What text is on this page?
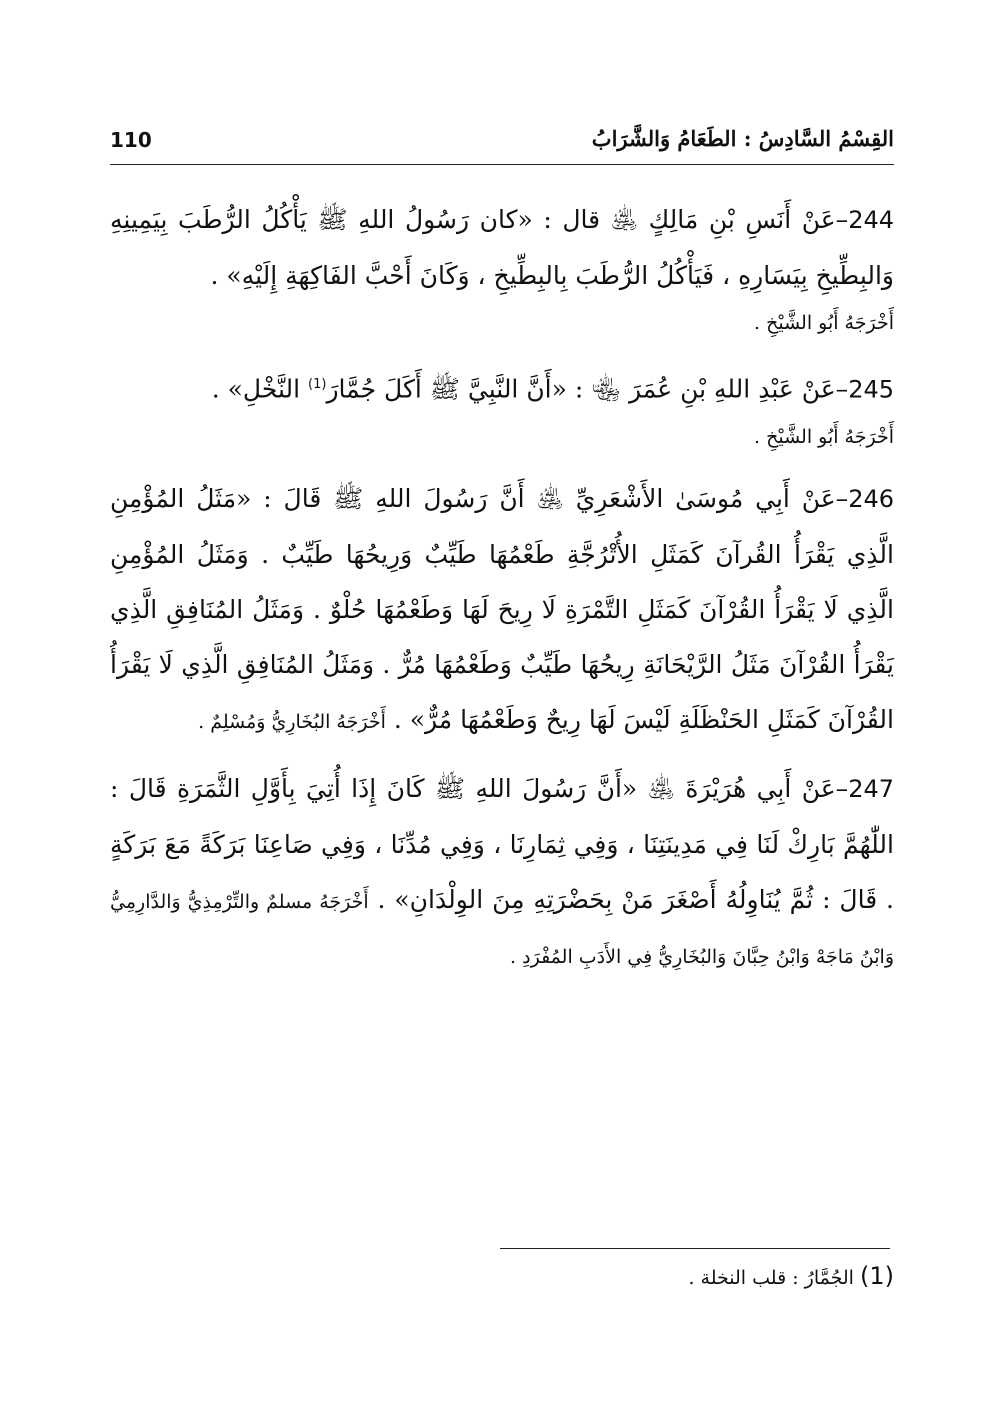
القِسْمُ السَّادِسُ : الطَعَامُ وَالشَّرَابُ
110

244–عَنْ أَنَسِ بْنِ مَالِكٍ ﵁ قال : «كان رَسُولُ اللهِ ﷺ يَأْكُلُ الرُّطَبَ بِيَمِينِهِ وَالبِطِّيخِ بِيَسَارِهِ ، فَيَأْكُلُ الرُّطَبَ بِالبِطِّيخِ ، وَكَانَ أَحْبَّ الفَاكِهَةِ إِلَيْهِ» .

أَخْرَجَهُ أَبُو الشَّيْخِ .

245–عَنْ عَبْدِ اللهِ بْنِ عُمَرَ ﵄ : «أَنَّ النَّبِيَّ ﷺ أَكَلَ جُمَّارَ$^{(1)}$ النَّخْلِ» .

أَخْرَجَهُ أَبُو الشَّيْخِ .

246–عَنْ أَبِي مُوسَىٰ الأَشْعَرِيِّ ﵁ أَنَّ رَسُولَ اللهِ ﷺ قَالَ : «مَثَلُ المُؤْمِنِ الَّذِي يَقْرَأُ القُرآنَ كَمَثَلِ الأُتْرُجَّةِ طَعْمُهَا طَيِّبٌ وَرِيحُهَا طَيِّبٌ . وَمَثَلُ المُؤْمِنِ الَّذِي لَا يَقْرَأُ القُرْآنَ كَمَثَلِ التَّمْرَةِ لَا رِيحَ لَهَا وَطَعْمُهَا حُلْوٌ . وَمَثَلُ المُنَافِقِ الَّذِي يَقْرَأُ القُرْآنَ مَثَلُ الرَّيْحَانَةِ رِيحُهَا طَيِّبٌ وَطَعْمُهَا مُرٌّ . وَمَثَلُ المُنَافِقِ الَّذِي لَا يَقْرَأُ القُرْآنَ كَمَثَلِ الحَنْظَلَةِ لَيْسَ لَهَا رِيحٌ وَطَعْمُهَا مُرٌّ» . أَخْرَجَهُ البُخَارِيُّ وَمُسْلِمٌ .

247–عَنْ أَبِي هُرَيْرَةَ ﵁ «أَنَّ رَسُولَ اللهِ ﷺ كَانَ إِذَا أُتِيَ بِأَوَّلِ الثَّمَرَةِ قَالَ : اللّٰهُمَّ بَارِكْ لَنَا فِي مَدِينَتِنَا ، وَفِي ثِمَارِنَا ، وَفِي مُدِّنَا ، وَفِي صَاعِنَا بَرَكَةً مَعَ بَرَكَةٍ . قَالَ : ثُمَّ يُنَاوِلُهُ أَصْغَرَ مَنْ بِحَضْرَتِهِ مِنَ الوِلْدَانِ» . أَخْرَجَهُ مسلمٌ والتِّرْمِذِيُّ وَالدَّارِمِيُّ وَابْنُ مَاجَهْ وَابْنُ حِبَّانَ وَالبُخَارِيُّ فِي الأَدَبِ المُفْرَدِ .

(1) الجُمَّارُ : قلب النخلة .
